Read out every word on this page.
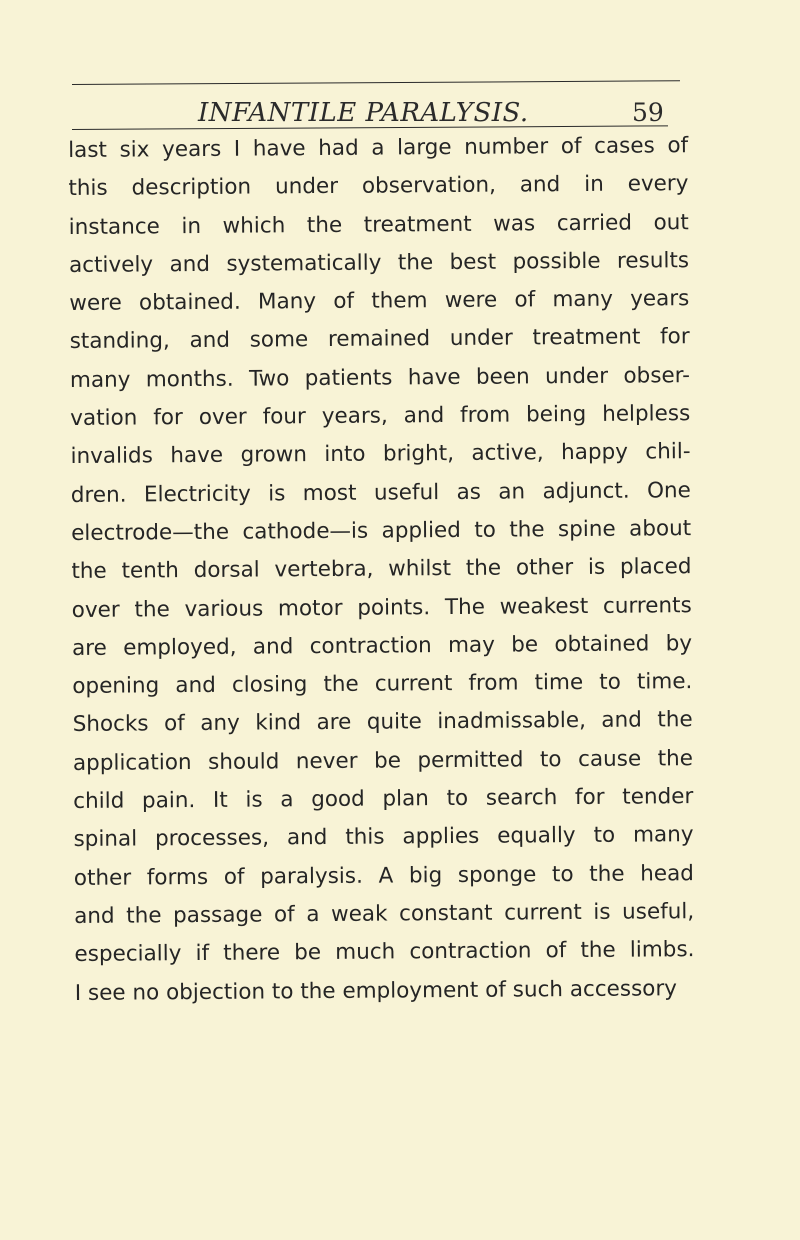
INFANTILE PARALYSIS.	59
last six years I have had a large number of cases of
this description under observation, and in every
instance in which the treatment was carried out
actively and systematically the best possible results
were obtained. Many of them were of many years
standing, and some remained under treatment for
many months. Two patients have been under obser-
vation for over four years, and from being helpless
invalids have grown into bright, active, happy chil-
dren. Electricity is most useful as an adjunct. One
electrode—the cathode—is applied to the spine about
the tenth dorsal vertebra, whilst the other is placed
over the various motor points. The weakest currents
are employed, and contraction may be obtained by
opening and closing the current from time to time.
Shocks of any kind are quite inadmissable, and the
application should never be permitted to cause the
child pain. It is a good plan to search for tender
spinal processes, and this applies equally to many
other forms of paralysis. A big sponge to the head
and the passage of a weak constant current is useful,
especially if there be much contraction of the limbs.
I see no objection to the employment of such accessory
